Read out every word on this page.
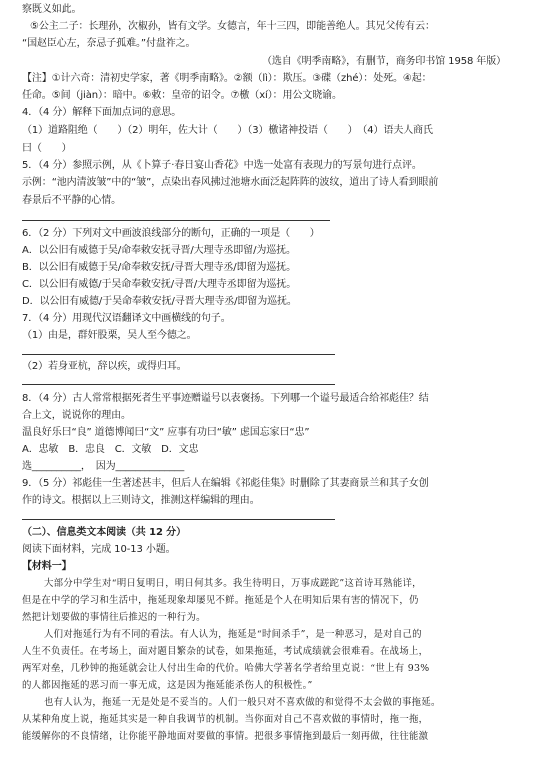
察既义如此。
⑤公主二子：长理孙，次椒孙，皆有文学。女德言，年十三四，即能善绝人。其兄父传有云：
“国赵臣心左，奈忌子孤难。”付盘祚之。
（选自《明季南略》，有删节，商务印书馆 1958 年版）
【注】①计六奇：清初史学家，著《明季南略》。②额（lì）：欺压。③碟（zhé）：处死。④起：
任命。⑤间（jiàn）：暗中。⑥敕：皇帝的诏令。⑦檄（xí）：用公文晓谕。
4．（4 分）解释下面加点词的意思。
（1）道路阻绝（　　）（2）明年，佐大计（　　）（3）檄诸神投语（　　）　（4）语夫人商氏
曰（　　）
5．（4 分）参照示例，从《卜算子·春日宴山香花》中选一处富有表现力的写景句进行点评。
示例：“池内清波皱”中的“皱”，点染出春风拂过池塘水面泛起阵阵的波纹，道出了诗人看到眼前
春景后不平静的心情。
6．（2 分）下列对文中画波浪线部分的断句，正确的一项是（　　）
A．以公旧有威德于吴/命奉敕安抚寻晋/大理寺丞即留/为巡抚。
B．以公旧有威德于吴/命奉敕安抚/寻晋大理寺丞/即留为巡抚。
C．以公旧有威德/于吴命奉敕安抚/寻晋/大理寺丞即留为巡抚。
D．以公旧有威德/于吴命奉敕安抚/寻晋大理寺丞/即留为巡抚。
7．（4 分）用现代汉语翻译文中画横线的句子。
（1）由是，群奸股栗，吴人至今德之。
（2）若身亚杭，辞以疾，或得归耳。
8．（4 分）古人常常根据死者生平事迹赠谥号以表褒扬。下列哪一个谥号最适合给祁彪佳？结
合上文，说说你的理由。
温良好乐曰“良” 道德博闻曰“文” 应事有功曰“敏” 虑国忘家曰“忠”
A．忠敏　B．忠良　C．文敏　D．文忠
选__________，　因为______________
9．（5 分）祁彪佳一生著述甚丰，但后人在编辑《祁彪佳集》时删除了其妻商景兰和其子女创
作的诗文。根据以上三则诗文，推测这样编辑的理由。
（二）、信息类文本阅读（共 12 分）
阅读下面材料，完成 10-13 小题。
【材料一】
大部分中学生对“明日复明日，明日何其多。我生待明日，万事成蹉跎”这首诗耳熟能详，
但是在中学的学习和生活中，拖延现象却屡见不鲜。拖延是个人在明知后果有害的情况下，仍
然把计划要做的事情往后推迟的一种行为。
人们对拖延行为有不同的看法。有人认为，拖延是“时间杀手”，是一种恶习，是对自己的
人生不负责任。在考场上，面对题目繁杂的试卷，如果拖延，考试成绩就会很难看。在战场上，
两军对垒，几秒钟的拖延就会让人付出生命的代价。哈佛大学著名学者给里克说：“世上有 93%
的人都因拖延的恶习而一事无成，这是因为拖延能杀伤人的积极性。”
也有人认为，拖延一无是处是不妥当的。人们一般只对不喜欢做的和觉得不太会做的事拖延。
从某种角度上说，拖延其实是一种自我调节的机制。当你面对自己不喜欢做的事情时，拖一拖，
能缓解你的不良情绪，让你能平静地面对要做的事情。把很多事情拖到最后一刻再做，往往能激
